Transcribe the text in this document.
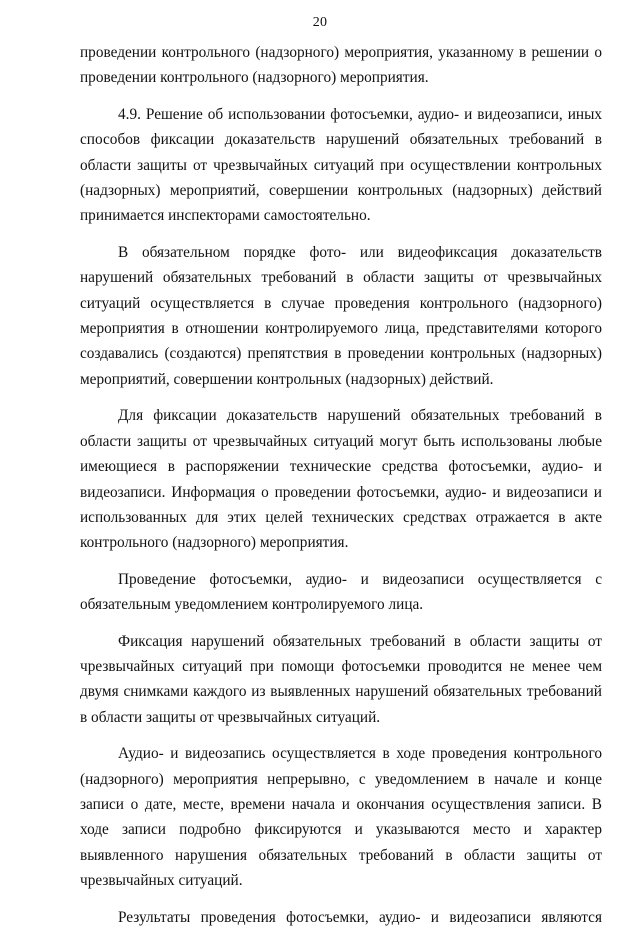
20

проведении контрольного (надзорного) мероприятия, указанному в решении о проведении контрольного (надзорного) мероприятия.

4.9. Решение об использовании фотосъемки, аудио- и видеозаписи, иных способов фиксации доказательств нарушений обязательных требований в области защиты от чрезвычайных ситуаций при осуществлении контрольных (надзорных) мероприятий, совершении контрольных (надзорных) действий принимается инспекторами самостоятельно.

В обязательном порядке фото- или видеофиксация доказательств нарушений обязательных требований в области защиты от чрезвычайных ситуаций осуществляется в случае проведения контрольного (надзорного) мероприятия в отношении контролируемого лица, представителями которого создавались (создаются) препятствия в проведении контрольных (надзорных) мероприятий, совершении контрольных (надзорных) действий.

Для фиксации доказательств нарушений обязательных требований в области защиты от чрезвычайных ситуаций могут быть использованы любые имеющиеся в распоряжении технические средства фотосъемки, аудио- и видеозаписи. Информация о проведении фотосъемки, аудио- и видеозаписи и использованных для этих целей технических средствах отражается в акте контрольного (надзорного) мероприятия.

Проведение фотосъемки, аудио- и видеозаписи осуществляется с обязательным уведомлением контролируемого лица.

Фиксация нарушений обязательных требований в области защиты от чрезвычайных ситуаций при помощи фотосъемки проводится не менее чем двумя снимками каждого из выявленных нарушений обязательных требований в области защиты от чрезвычайных ситуаций.

Аудио- и видеозапись осуществляется в ходе проведения контрольного (надзорного) мероприятия непрерывно, с уведомлением в начале и конце записи о дате, месте, времени начала и окончания осуществления записи. В ходе записи подробно фиксируются и указываются место и характер выявленного нарушения обязательных требований в области защиты от чрезвычайных ситуаций.

Результаты проведения фотосъемки, аудио- и видеозаписи являются
